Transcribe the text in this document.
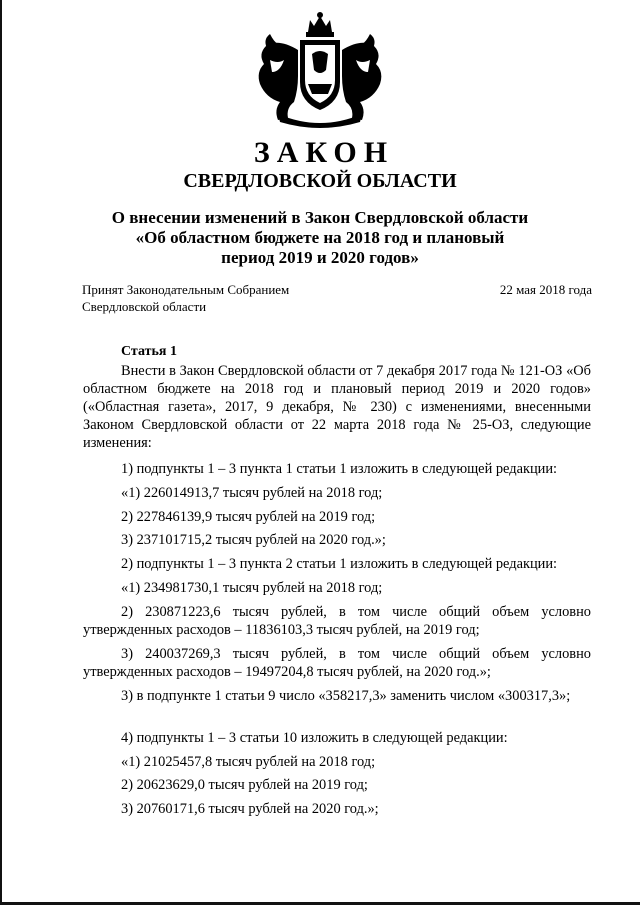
ЗАКОН
СВЕРДЛОВСКОЙ ОБЛАСТИ
О внесении изменений в Закон Свердловской области
«Об областном бюджете на 2018 год и плановый
период 2019 и 2020 годов»
Принят Законодательным Собранием
Свердловской области
22 мая 2018 года
Статья 1

Внести в Закон Свердловской области от 7 декабря 2017 года № 121-ОЗ «Об областном бюджете на 2018 год и плановый период 2019 и 2020 годов» («Областная газета», 2017, 9 декабря, № 230) с изменениями, внесенными Законом Свердловской области от 22 марта 2018 года № 25-ОЗ, следующие изменения:

1) подпункты 1 – 3 пункта 1 статьи 1 изложить в следующей редакции:

«1) 226014913,7 тысяч рублей на 2018 год;

2) 227846139,9 тысяч рублей на 2019 год;

3) 237101715,2 тысяч рублей на 2020 год.»;

2) подпункты 1 – 3 пункта 2 статьи 1 изложить в следующей редакции:

«1) 234981730,1 тысяч рублей на 2018 год;

2) 230871223,6 тысяч рублей, в том числе общий объем условно утвержденных расходов – 11836103,3 тысяч рублей, на 2019 год;

3) 240037269,3 тысяч рублей, в том числе общий объем условно утвержденных расходов – 19497204,8 тысяч рублей, на 2020 год.»;

3) в подпункте 1 статьи 9 число «358217,3» заменить числом «300317,3»;

4) подпункты 1 – 3 статьи 10 изложить в следующей редакции:

«1) 21025457,8 тысяч рублей на 2018 год;

2) 20623629,0 тысяч рублей на 2019 год;

3) 20760171,6 тысяч рублей на 2020 год.»;
